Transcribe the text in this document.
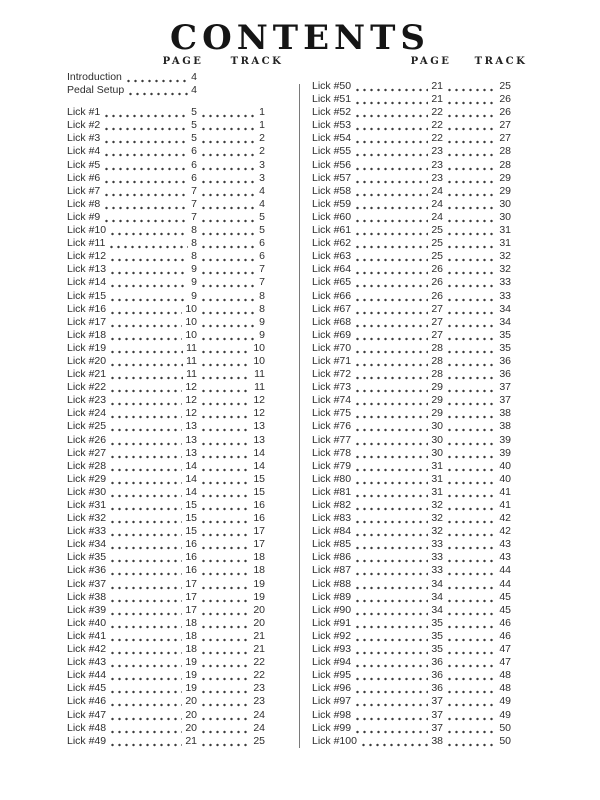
CONTENTS
PAGE	TRACK	PAGE	TRACK
Introduction	4
Pedal Setup	4
Lick #1	5	1
Lick #2	5	1
Lick #3	5	2
Lick #4	6	2
Lick #5	6	3
Lick #6	6	3
Lick #7	7	4
Lick #8	7	4
Lick #9	7	5
Lick #10	8	5
Lick #11	8	6
Lick #12	8	6
Lick #13	9	7
Lick #14	9	7
Lick #15	9	8
Lick #16	10	8
Lick #17	10	9
Lick #18	10	9
Lick #19	11	10
Lick #20	11	10
Lick #21	11	11
Lick #22	12	11
Lick #23	12	12
Lick #24	12	12
Lick #25	13	13
Lick #26	13	13
Lick #27	13	14
Lick #28	14	14
Lick #29	14	15
Lick #30	14	15
Lick #31	15	16
Lick #32	15	16
Lick #33	15	17
Lick #34	16	17
Lick #35	16	18
Lick #36	16	18
Lick #37	17	19
Lick #38	17	19
Lick #39	17	20
Lick #40	18	20
Lick #41	18	21
Lick #42	18	21
Lick #43	19	22
Lick #44	19	22
Lick #45	19	23
Lick #46	20	23
Lick #47	20	24
Lick #48	20	24
Lick #49	21	25
Lick #50	21	25
Lick #51	21	26
Lick #52	22	26
Lick #53	22	27
Lick #54	22	27
Lick #55	23	28
Lick #56	23	28
Lick #57	23	29
Lick #58	24	29
Lick #59	24	30
Lick #60	24	30
Lick #61	25	31
Lick #62	25	31
Lick #63	25	32
Lick #64	26	32
Lick #65	26	33
Lick #66	26	33
Lick #67	27	34
Lick #68	27	34
Lick #69	27	35
Lick #70	28	35
Lick #71	28	36
Lick #72	28	36
Lick #73	29	37
Lick #74	29	37
Lick #75	29	38
Lick #76	30	38
Lick #77	30	39
Lick #78	30	39
Lick #79	31	40
Lick #80	31	40
Lick #81	31	41
Lick #82	32	41
Lick #83	32	42
Lick #84	32	42
Lick #85	33	43
Lick #86	33	43
Lick #87	33	44
Lick #88	34	44
Lick #89	34	45
Lick #90	34	45
Lick #91	35	46
Lick #92	35	46
Lick #93	35	47
Lick #94	36	47
Lick #95	36	48
Lick #96	36	48
Lick #97	37	49
Lick #98	37	49
Lick #99	37	50
Lick #100	38	50
